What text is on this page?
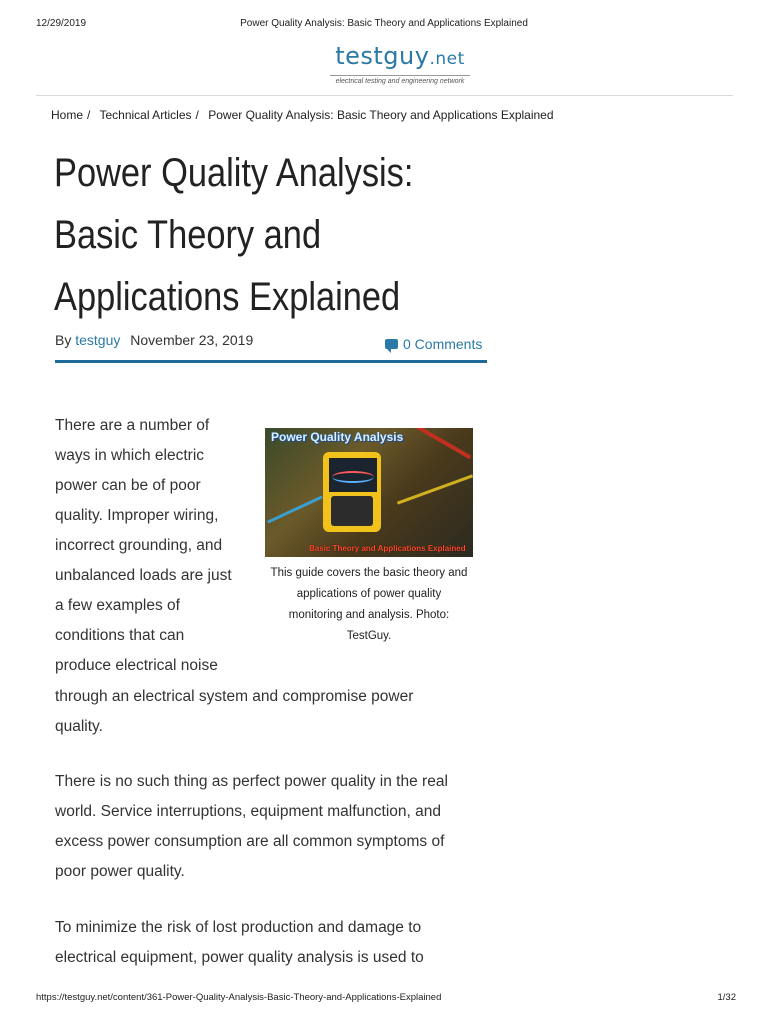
12/29/2019	Power Quality Analysis: Basic Theory and Applications Explained
testguy.net
electrical testing and engineering network
Home / Technical Articles / Power Quality Analysis: Basic Theory and Applications Explained
Power Quality Analysis:
Basic Theory and
Applications Explained
By testguy November 23, 2019	0 Comments
There are a number of
ways in which electric
power can be of poor
quality. Improper wiring,
incorrect grounding, and
unbalanced loads are just
a few examples of
conditions that can
produce electrical noise
through an electrical system and compromise power
quality.
Power Quality Analysis
Basic Theory and Applications Explained
This guide covers the basic theory and
applications of power quality
monitoring and analysis. Photo:
TestGuy.
There is no such thing as perfect power quality in the real
world. Service interruptions, equipment malfunction, and
excess power consumption are all common symptoms of
poor power quality.
To minimize the risk of lost production and damage to
electrical equipment, power quality analysis is used to
https://testguy.net/content/361-Power-Quality-Analysis-Basic-Theory-and-Applications-Explained	1/32
